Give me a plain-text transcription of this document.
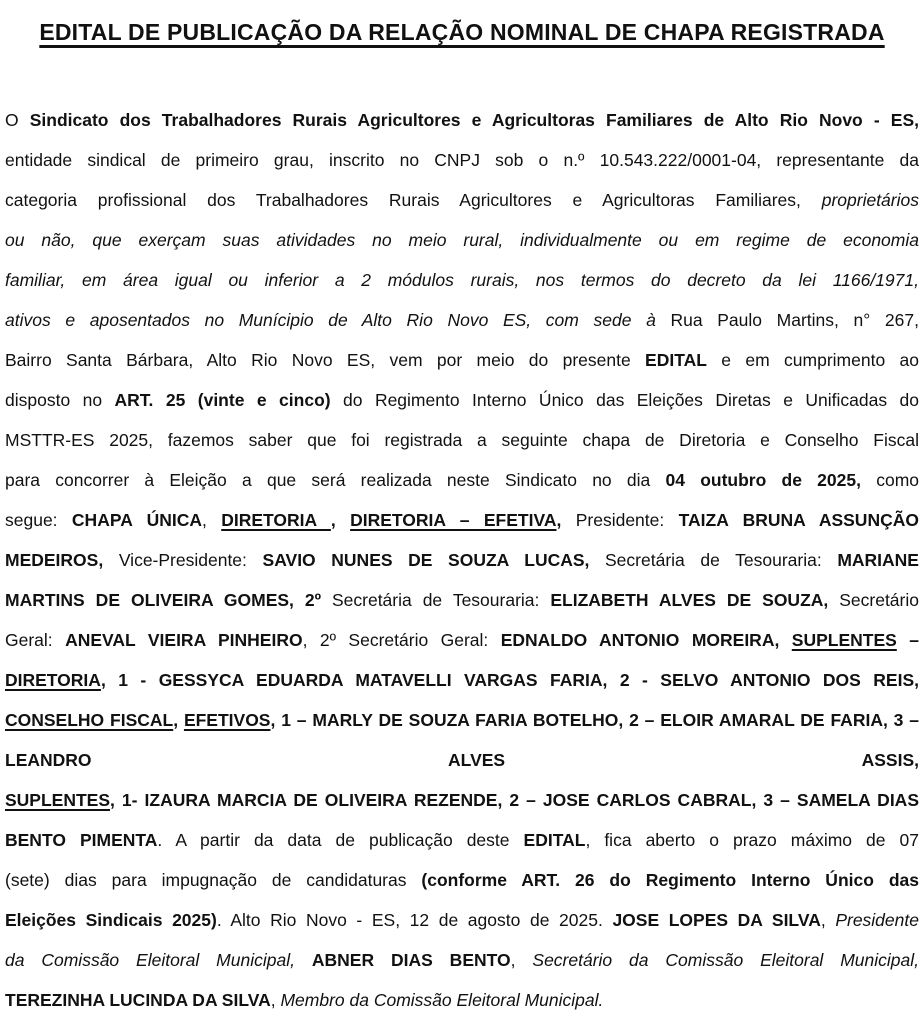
EDITAL DE PUBLICAÇÃO DA RELAÇÃO NOMINAL DE CHAPA REGISTRADA
O Sindicato dos Trabalhadores Rurais Agricultores e Agricultoras Familiares de Alto Rio Novo - ES,
entidade sindical de primeiro grau, inscrito no CNPJ sob o n.º 10.543.222/0001-04, representante da
categoria profissional dos Trabalhadores Rurais Agricultores e Agricultoras Familiares, proprietários
ou não, que exerçam suas atividades no meio rural, individualmente ou em regime de economia
familiar, em área igual ou inferior a 2 módulos rurais, nos termos do decreto da lei 1166/1971,
ativos e aposentados no Munícipio de Alto Rio Novo ES, com sede à Rua Paulo Martins, n° 267,
Bairro Santa Bárbara, Alto Rio Novo ES, vem por meio do presente EDITAL e em cumprimento ao
disposto no ART. 25 (vinte e cinco) do Regimento Interno Único das Eleições Diretas e Unificadas do
MSTTR-ES 2025, fazemos saber que foi registrada a seguinte chapa de Diretoria e Conselho Fiscal
para concorrer à Eleição a que será realizada neste Sindicato no dia 04 outubro de 2025, como
segue: CHAPA ÚNICA, DIRETORIA , DIRETORIA – EFETIVA, Presidente: TAIZA BRUNA ASSUNÇÃO
MEDEIROS, Vice-Presidente: SAVIO NUNES DE SOUZA LUCAS, Secretária de Tesouraria: MARIANE
MARTINS DE OLIVEIRA GOMES, 2º Secretária de Tesouraria: ELIZABETH ALVES DE SOUZA, Secretário
Geral: ANEVAL VIEIRA PINHEIRO, 2º Secretário Geral: EDNALDO ANTONIO MOREIRA, SUPLENTES –
DIRETORIA, 1 - GESSYCA EDUARDA MATAVELLI VARGAS FARIA, 2 - SELVO ANTONIO DOS REIS,
CONSELHO FISCAL, EFETIVOS, 1 – MARLY DE SOUZA FARIA BOTELHO, 2 – ELOIR AMARAL DE FARIA, 3 –
LEANDRO ALVES ASSIS,
SUPLENTES, 1- IZAURA MARCIA DE OLIVEIRA REZENDE, 2 – JOSE CARLOS CABRAL, 3 – SAMELA DIAS
BENTO PIMENTA. A partir da data de publicação deste EDITAL, fica aberto o prazo máximo de 07
(sete) dias para impugnação de candidaturas (conforme ART. 26 do Regimento Interno Único das
Eleições Sindicais 2025). Alto Rio Novo - ES, 12 de agosto de 2025. JOSE LOPES DA SILVA, Presidente
da Comissão Eleitoral Municipal, ABNER DIAS BENTO, Secretário da Comissão Eleitoral Municipal,
TEREZINHA LUCINDA DA SILVA, Membro da Comissão Eleitoral Municipal.
